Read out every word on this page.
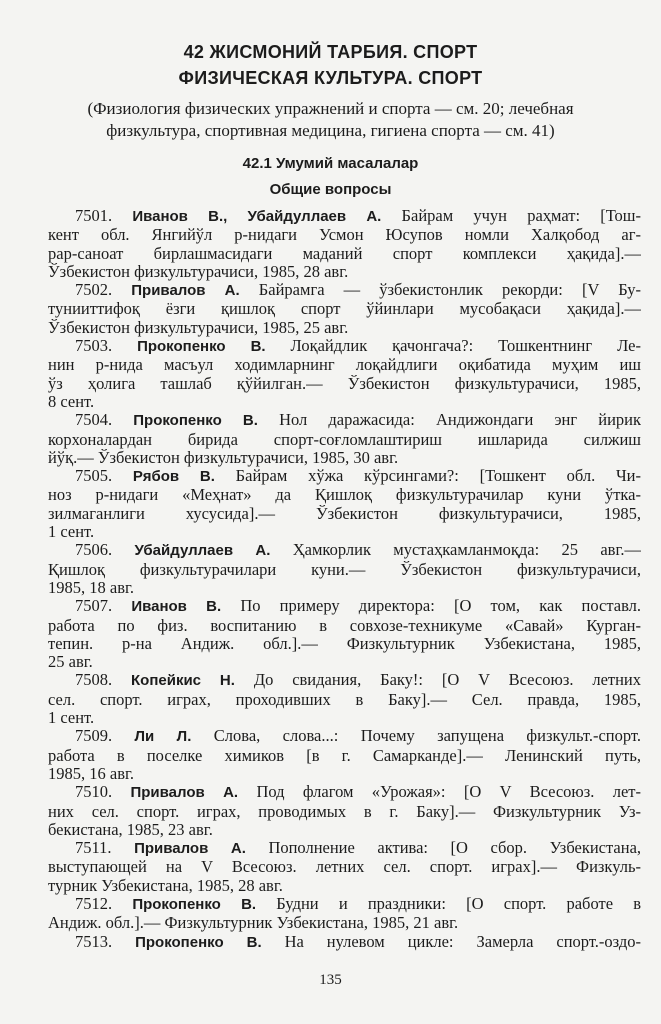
42 ЖИСМОНИЙ ТАРБИЯ. СПОРТ
ФИЗИЧЕСКАЯ КУЛЬТУРА. СПОРТ
(Физиология физических упражнений и спорта — см. 20; лечебная
физкультура, спортивная медицина, гигиена спорта — см. 41)
42.1 Умумий масалалар
Общие вопросы
7501. Иванов В., Убайдуллаев А. Байрам учун раҳмат: [Тош-
кент обл. Янгийўл р-нидаги Усмон Юсупов номли Халқобод аг-
рар-саноат бирлашмасидаги маданий спорт комплекси ҳақида].—
Ўзбекистон физкультурачиси, 1985, 28 авг.
7502. Привалов А. Байрамга — ўзбекистонлик рекорди: [V Бу-
тунииттифоқ ёзги қишлоқ спорт ўйинлари мусобақаси ҳақида].—
Ўзбекистон физкультурачиси, 1985, 25 авг.
7503. Прокопенко В. Лоқайдлик қачонгача?: Тошкентнинг Ле-
нин р-нида масъул ходимларнинг лоқайдлиги оқибатида муҳим иш
ўз ҳолига ташлаб қўйилган.— Ўзбекистон физкультурачиси, 1985,
8 сент.
7504. Прокопенко В. Нол даражасида: Андижондаги энг йирик
корхоналардан бирида спорт-соғломлаштириш ишларида силжиш
йўқ.— Ўзбекистон физкультурачиси, 1985, 30 авг.
7505. Рябов В. Байрам хўжа кўрсингами?: [Тошкент обл. Чи-
ноз р-нидаги «Меҳнат» да Қишлоқ физкультурачилар куни ўтка-
зилмаганлиги хусусида].— Ўзбекистон физкультурачиси, 1985,
1 сент.
7506. Убайдуллаев А. Ҳамкорлик мустаҳкамланмоқда: 25 авг.—
Қишлоқ физкультурачилари куни.— Ўзбекистон физкультурачиси,
1985, 18 авг.
7507. Иванов В. По примеру директора: [О том, как поставл.
работа по физ. воспитанию в совхозе-техникуме «Савай» Курган-
тепин. р-на Андиж. обл.].— Физкультурник Узбекистана, 1985,
25 авг.
7508. Копейкис Н. До свидания, Баку!: [О V Всесоюз. летних
сел. спорт. играх, проходивших в Баку].— Сел. правда, 1985,
1 сент.
7509. Ли Л. Слова, слова...: Почему запущена физкульт.-спорт.
работа в поселке химиков [в г. Самарканде].— Ленинский путь,
1985, 16 авг.
7510. Привалов А. Под флагом «Урожая»: [О V Всесоюз. лет-
них сел. спорт. играх, проводимых в г. Баку].— Физкультурник Уз-
бекистана, 1985, 23 авг.
7511. Привалов А. Пополнение актива: [О сбор. Узбекистана,
выступающей на V Всесоюз. летних сел. спорт. играх].— Физкуль-
турник Узбекистана, 1985, 28 авг.
7512. Прокопенко В. Будни и праздники: [О спорт. работе в
Андиж. обл.].— Физкультурник Узбекистана, 1985, 21 авг.
7513. Прокопенко В. На нулевом цикле: Замерла спорт.-оздо-
135
